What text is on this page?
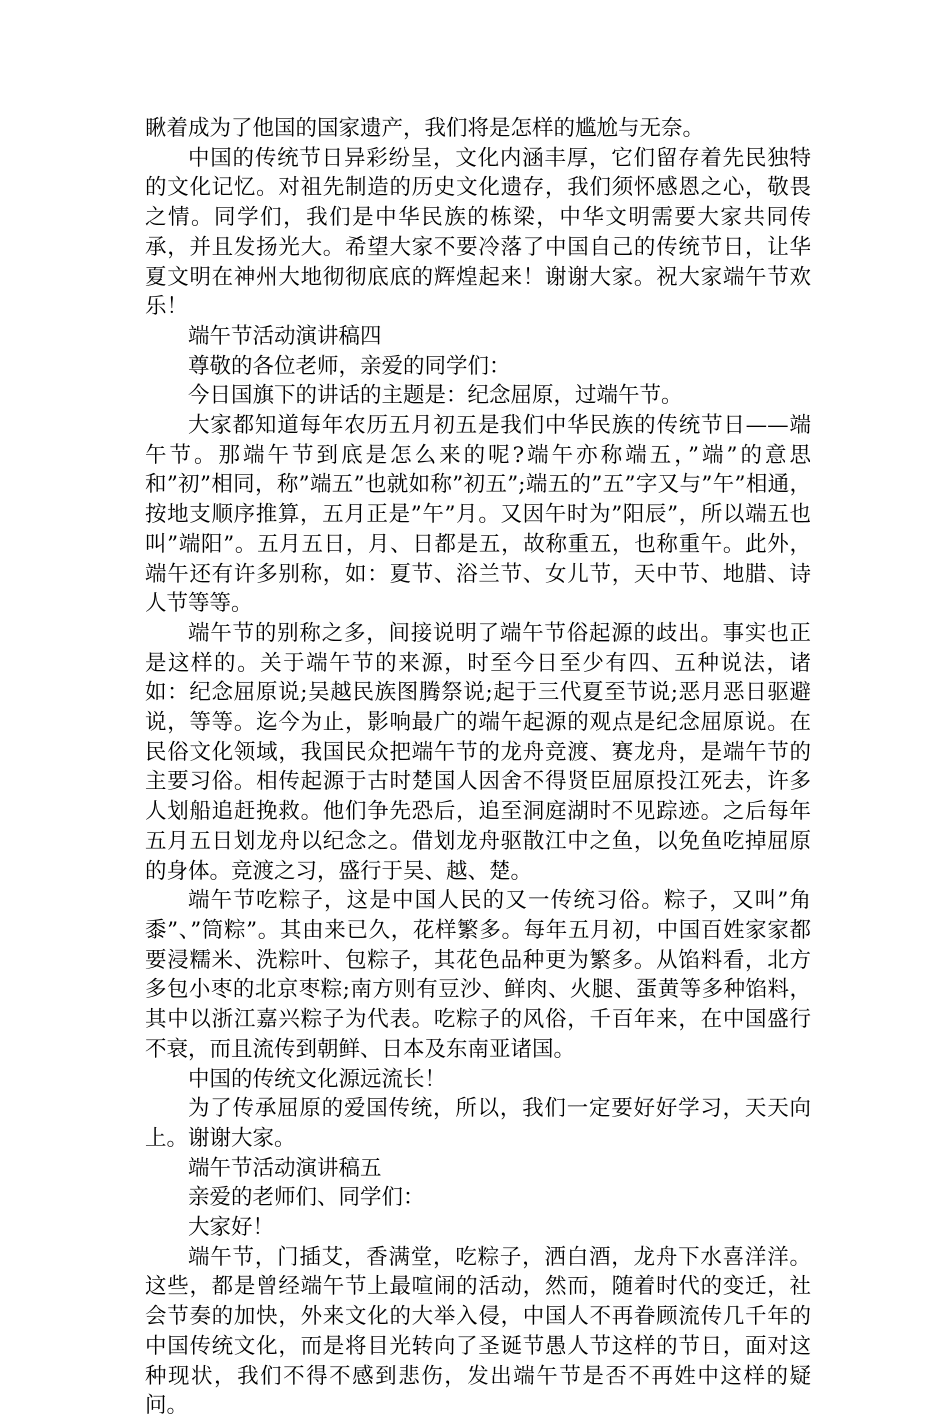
瞅着成为了他国的国家遗产，我们将是怎样的尴尬与无奈。

中国的传统节日异彩纷呈，文化内涵丰厚，它们留存着先民独特的文化记忆。对祖先制造的历史文化遗存，我们须怀感恩之心，敬畏之情。同学们，我们是中华民族的栋梁，中华文明需要大家共同传承，并且发扬光大。希望大家不要冷落了中国自己的传统节日，让华夏文明在神州大地彻彻底底的辉煌起来！谢谢大家。祝大家端午节欢乐！

端午节活动演讲稿四

尊敬的各位老师，亲爱的同学们：

今日国旗下的讲话的主题是：纪念屈原，过端午节。

大家都知道每年农历五月初五是我们中华民族的传统节日——端午节。那端午节到底是怎么来的呢?端午亦称端五，”端”的意思和”初”相同，称”端五”也就如称”初五”;端五的”五”字又与”午”相通，按地支顺序推算，五月正是”午”月。又因午时为”阳辰”，所以端五也叫”端阳”。五月五日，月、日都是五，故称重五，也称重午。此外，端午还有许多别称，如：夏节、浴兰节、女儿节，天中节、地腊、诗人节等等。

端午节的别称之多，间接说明了端午节俗起源的歧出。事实也正是这样的。关于端午节的来源，时至今日至少有四、五种说法，诸如：纪念屈原说;吴越民族图腾祭说;起于三代夏至节说;恶月恶日驱避说，等等。迄今为止，影响最广的端午起源的观点是纪念屈原说。在民俗文化领域，我国民众把端午节的龙舟竞渡、赛龙舟，是端午节的主要习俗。相传起源于古时楚国人因舍不得贤臣屈原投江死去，许多人划船追赶挽救。他们争先恐后，追至洞庭湖时不见踪迹。之后每年五月五日划龙舟以纪念之。借划龙舟驱散江中之鱼，以免鱼吃掉屈原的身体。竞渡之习，盛行于吴、越、楚。

端午节吃粽子，这是中国人民的又一传统习俗。粽子，又叫”角黍”、”筒粽”。其由来已久，花样繁多。每年五月初，中国百姓家家都要浸糯米、洗粽叶、包粽子，其花色品种更为繁多。从馅料看，北方多包小枣的北京枣粽;南方则有豆沙、鲜肉、火腿、蛋黄等多种馅料，其中以浙江嘉兴粽子为代表。吃粽子的风俗，千百年来，在中国盛行不衰，而且流传到朝鲜、日本及东南亚诸国。

中国的传统文化源远流长！

为了传承屈原的爱国传统，所以，我们一定要好好学习，天天向上。谢谢大家。

端午节活动演讲稿五

亲爱的老师们、同学们：

大家好！

端午节，门插艾，香满堂，吃粽子，洒白酒，龙舟下水喜洋洋。这些，都是曾经端午节上最喧闹的活动，然而，随着时代的变迁，社会节奏的加快，外来文化的大举入侵，中国人不再眷顾流传几千年的中国传统文化，而是将目光转向了圣诞节愚人节这样的节日，面对这种现状，我们不得不感到悲伤，发出端午节是否不再姓中这样的疑问。
